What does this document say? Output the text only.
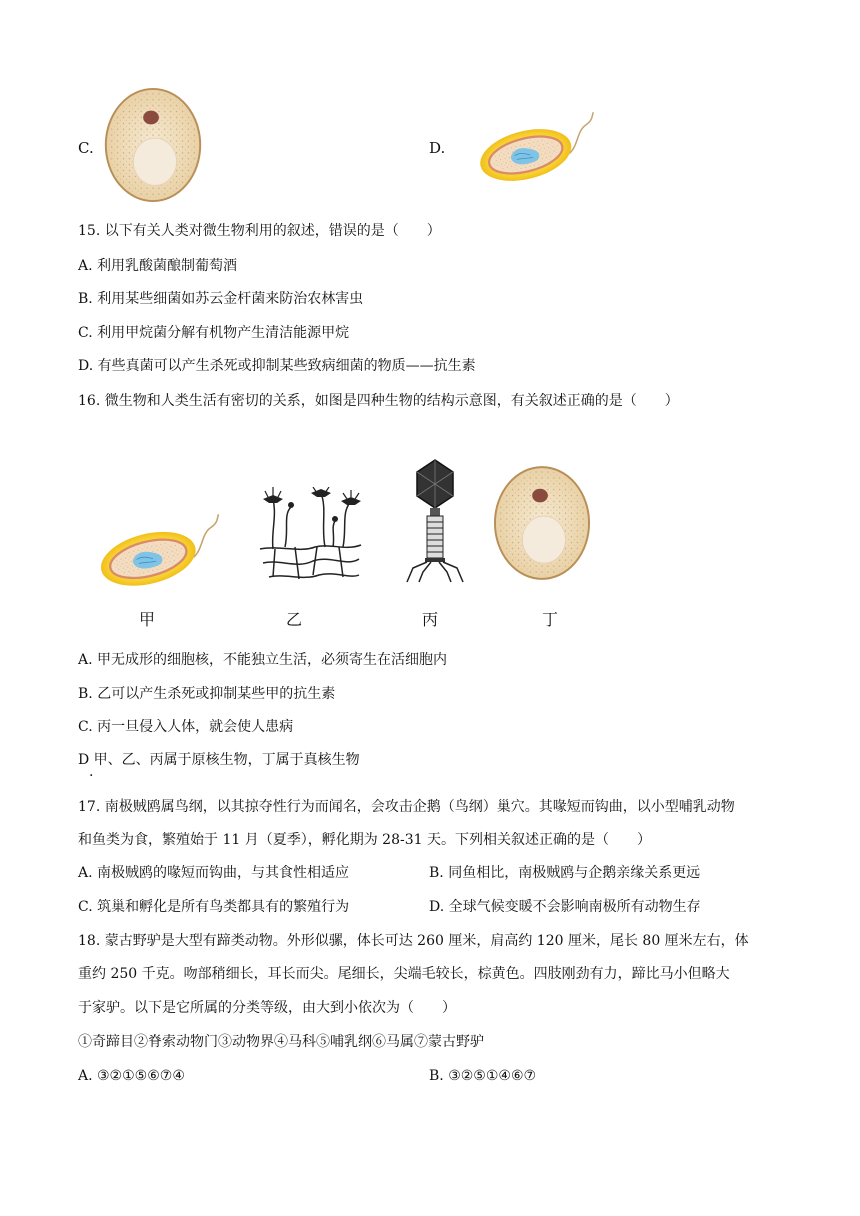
C.	D.
15. 以下有关人类对微生物利用的叙述，错误的是（　　）
A. 利用乳酸菌酿制葡萄酒
B. 利用某些细菌如苏云金杆菌来防治农林害虫
C. 利用甲烷菌分解有机物产生清洁能源甲烷
D. 有些真菌可以产生杀死或抑制某些致病细菌的物质——抗生素
16. 微生物和人类生活有密切的关系，如图是四种生物的结构示意图，有关叙述正确的是（　　）
甲	乙	丙	丁
A. 甲无成形的细胞核，不能独立生活，必须寄生在活细胞内
B. 乙可以产生杀死或抑制某些甲的抗生素
C. 丙一旦侵入人体，就会使人患病
D 甲、乙、丙属于原核生物，丁属于真核生物
.
17. 南极贼鸥属鸟纲，以其掠夺性行为而闻名，会攻击企鹅（鸟纲）巢穴。其喙短而钩曲，以小型哺乳动物
和鱼类为食，繁殖始于 11 月（夏季），孵化期为 28-31 天。下列相关叙述正确的是（　　）
A. 南极贼鸥的喙短而钩曲，与其食性相适应	B. 同鱼相比，南极贼鸥与企鹅亲缘关系更远
C. 筑巢和孵化是所有鸟类都具有的繁殖行为	D. 全球气候变暖不会影响南极所有动物生存
18. 蒙古野驴是大型有蹄类动物。外形似骡，体长可达 260 厘米，肩高约 120 厘米，尾长 80 厘米左右，体
重约 250 千克。吻部稍细长，耳长而尖。尾细长，尖端毛较长，棕黄色。四肢刚劲有力，蹄比马小但略大
于家驴。以下是它所属的分类等级，由大到小依次为（　　）
①奇蹄目②脊索动物门③动物界④马科⑤哺乳纲⑥马属⑦蒙古野驴
A. ③②①⑤⑥⑦④	B. ③②⑤①④⑥⑦
